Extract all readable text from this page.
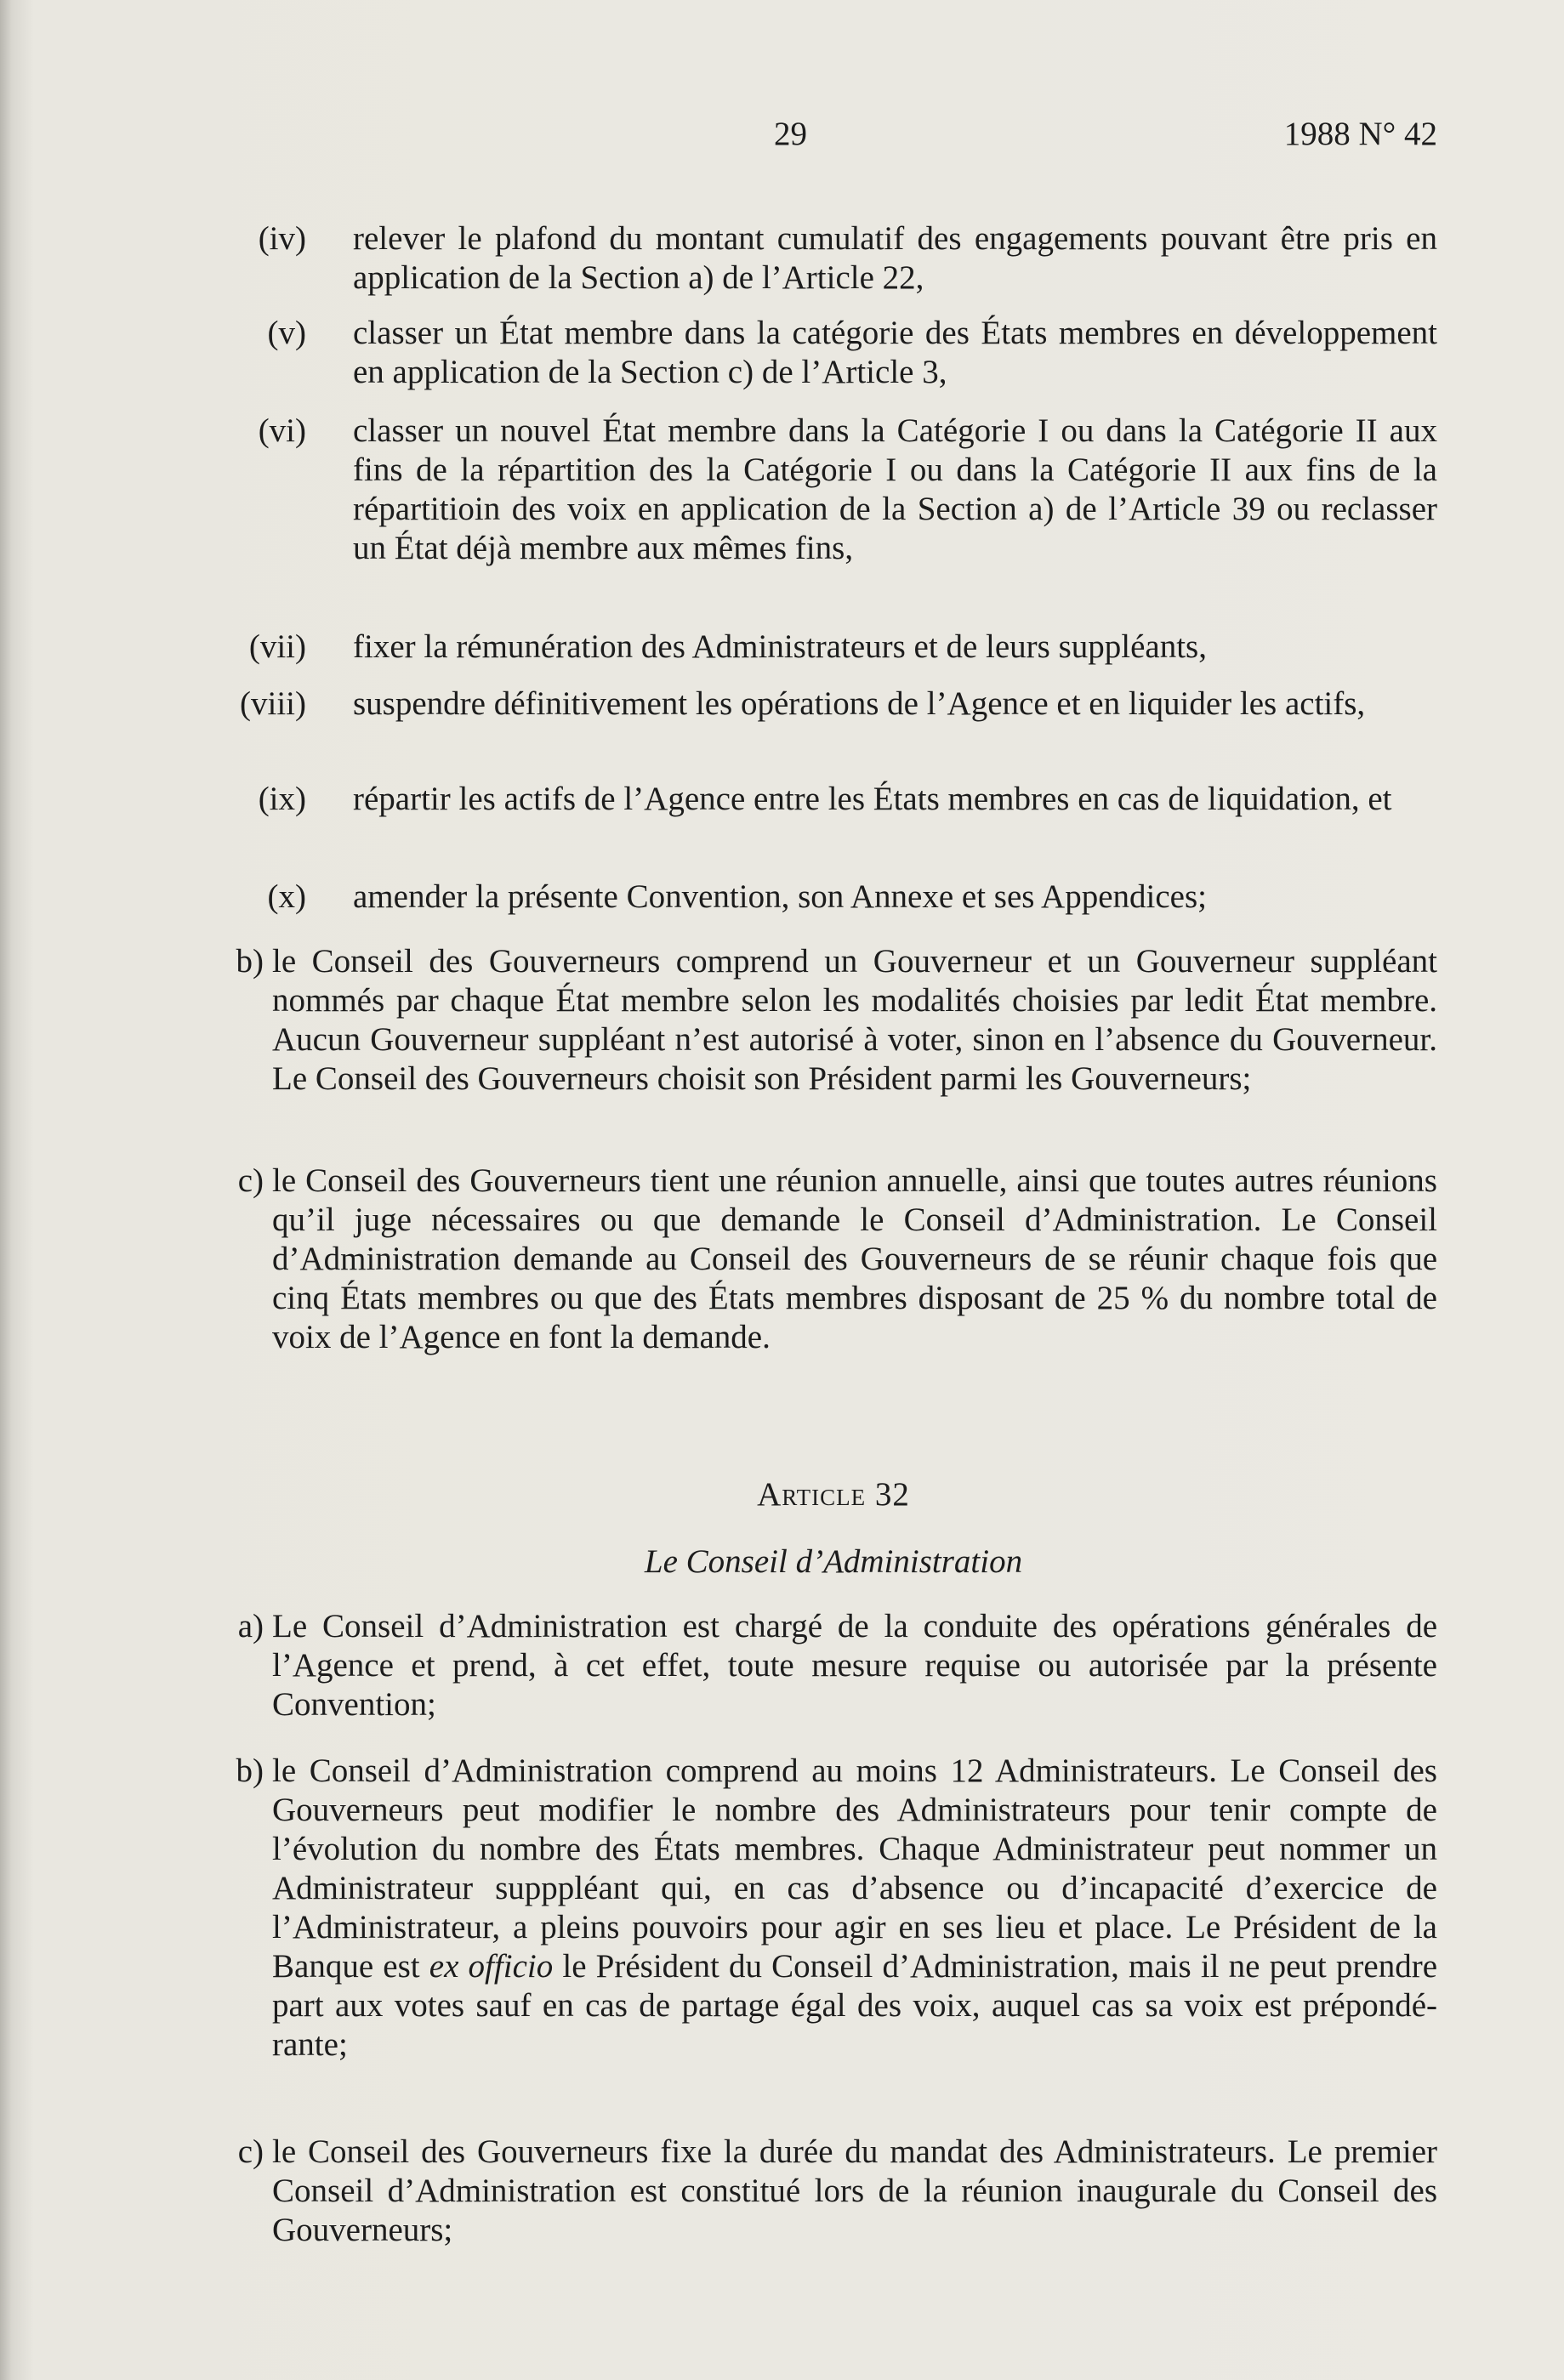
29	1988 N° 42
(iv) relever le plafond du montant cumulatif des engagements pouvant être pris en application de la Section a) de l’Article 22,
(v) classer un État membre dans la catégorie des États membres en développement en application de la Section c) de l’Article 3,
(vi) classer un nouvel État membre dans la Catégorie I ou dans la Catégorie II aux fins de la répartition des la Catégorie I ou dans la Catégorie II aux fins de la répartitioin des voix en application de la Section a) de l’Article 39 ou reclasser un État déjà membre aux mêmes fins,
(vii) fixer la rémunération des Administrateurs et de leurs suppléants,
(viii) suspendre définitivement les opérations de l’Agence et en liquider les actifs,
(ix) répartir les actifs de l’Agence entre les États membres en cas de liquidation, et
(x) amender la présente Convention, son Annexe et ses Appendices;
b) le Conseil des Gouverneurs comprend un Gouverneur et un Gouverneur suppléant nommés par chaque État membre selon les modalités choisies par ledit État membre. Aucun Gouverneur suppléant n’est autorisé à voter, sinon en l’absence du Gouverneur. Le Conseil des Gouverneurs choisit son Président parmi les Gouverneurs;
c) le Conseil des Gouverneurs tient une réunion annuelle, ainsi que toutes autres réunions qu’il juge nécessaires ou que demande le Conseil d’Administration. Le Conseil d’Administration demande au Conseil des Gouverneurs de se réunir chaque fois que cinq États membres ou que des États membres disposant de 25 % du nombre total de voix de l’Agence en font la demande.
Article 32
Le Conseil d’Administration
a) Le Conseil d’Administration est chargé de la conduite des opérations générales de l’Agence et prend, à cet effet, toute mesure requise ou autorisée par la présente Convention;
b) le Conseil d’Administration comprend au moins 12 Administrateurs. Le Conseil des Gouverneurs peut modifier le nombre des Administrateurs pour tenir compte de l’évolution du nombre des États membres. Chaque Administrateur peut nommer un Administrateur supppléant qui, en cas d’absence ou d’incapacité d’exercice de l’Administrateur, a pleins pouvoirs pour agir en ses lieu et place. Le Président de la Banque est ex officio le Président du Conseil d’Administration, mais il ne peut prendre part aux votes sauf en cas de partage égal des voix, auquel cas sa voix est prépondé-rante;
c) le Conseil des Gouverneurs fixe la durée du mandat des Administrateurs. Le premier Conseil d’Administration est constitué lors de la réunion inaugurale du Conseil des Gouverneurs;
